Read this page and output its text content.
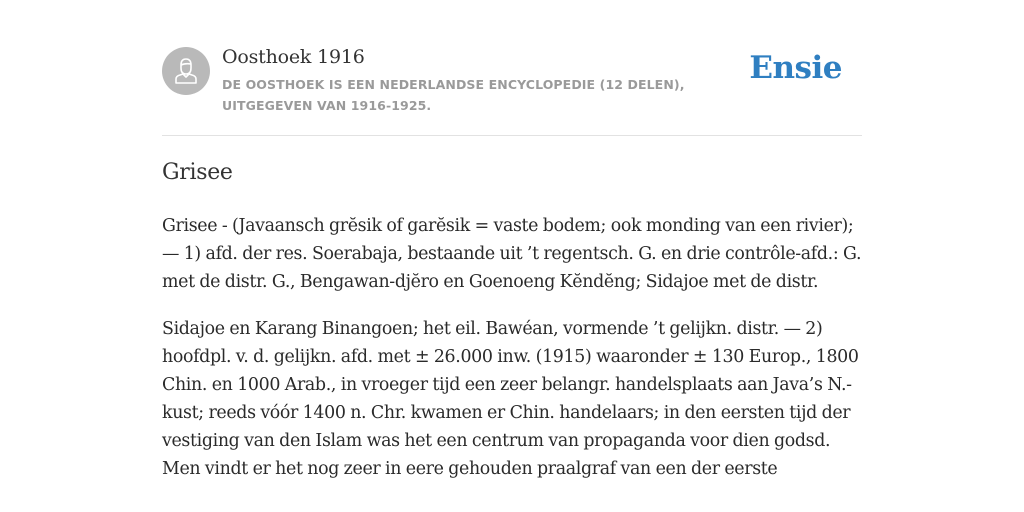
Oosthoek 1916
DE OOSTHOEK IS EEN NEDERLANDSE ENCYCLOPEDIE (12 DELEN), UITGEGEVEN VAN 1916-1925.
Ensie
Grisee

Grisee - (Javaansch grĕsik of garĕsik = vaste bodem; ook monding van een rivier); — 1) afd. der res. Soerabaja, bestaande uit ’t regentsch. G. en drie contrôle-afd.: G. met de distr. G., Bengawan-djĕro en Goenoeng Kĕndĕng; Sidajoe met de distr.

Sidajoe en Karang Binangoen; het eil. Bawéan, vormende ’t gelijkn. distr. — 2) hoofdpl. v. d. gelijkn. afd. met ± 26.000 inw. (1915) waaronder ± 130 Europ., 1800 Chin. en 1000 Arab., in vroeger tijd een zeer belangr. handelsplaats aan Java’s N.-kust; reeds vóór 1400 n. Chr. kwamen er Chin. handelaars; in den eersten tijd der vestiging van den Islam was het een centrum van propaganda voor dien godsd. Men vindt er het nog zeer in eere gehouden praalgraf van een der eerste
